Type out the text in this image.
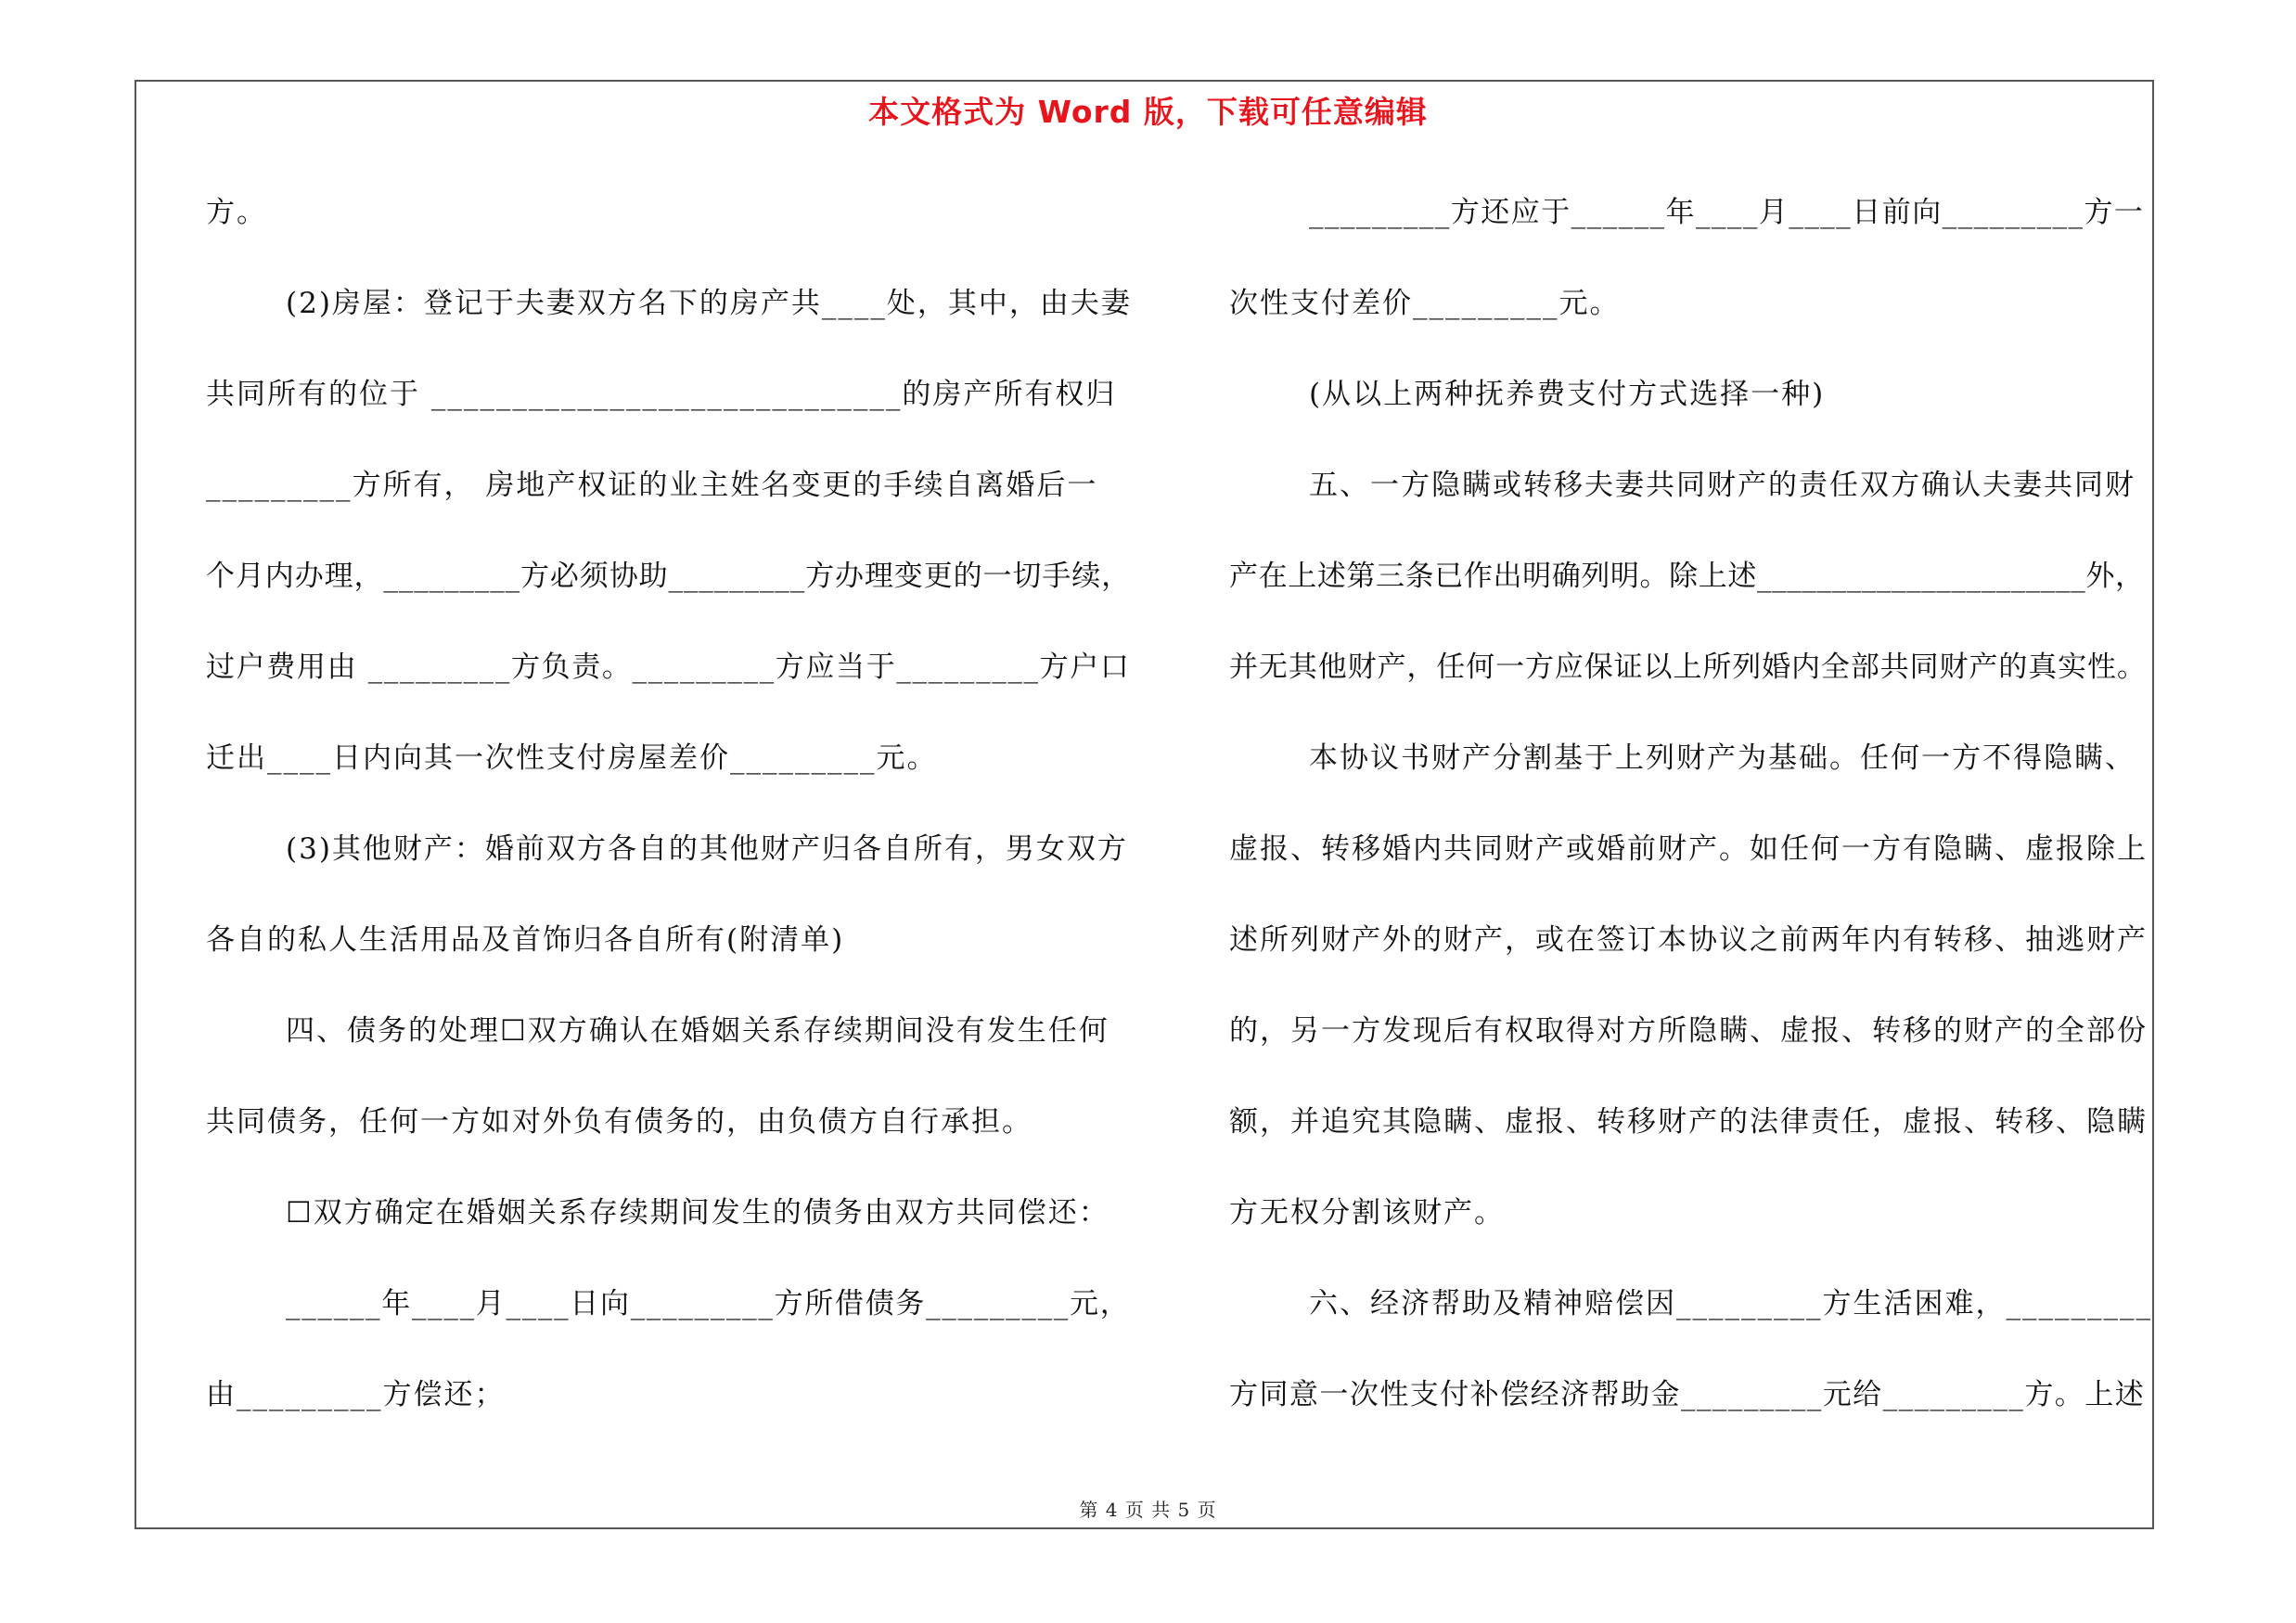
本文格式为 Word 版，下载可任意编辑
方。
(2)房屋：登记于夫妻双方名下的房产共____处，其中，由夫妻
共同所有的位于 _____________________________的房产所有权归
_________方所有， 房地产权证的业主姓名变更的手续自离婚后一
个月内办理，_________方必须协助_________方办理变更的一切手续，
过户费用由 _________方负责。_________方应当于_________方户口
迁出____日内向其一次性支付房屋差价_________元。
(3)其他财产：婚前双方各自的其他财产归各自所有，男女双方
各自的私人生活用品及首饰归各自所有(附清单)
四、债务的处理☐双方确认在婚姻关系存续期间没有发生任何
共同债务，任何一方如对外负有债务的，由负债方自行承担。
☐双方确定在婚姻关系存续期间发生的债务由双方共同偿还：
______年____月____日向_________方所借债务_________元，
由_________方偿还；
_________方还应于______年____月____日前向_________方一
次性支付差价_________元。
(从以上两种抚养费支付方式选择一种)
五、一方隐瞒或转移夫妻共同财产的责任双方确认夫妻共同财
产在上述第三条已作出明确列明。除上述______________________外，
并无其他财产，任何一方应保证以上所列婚内全部共同财产的真实性。
本协议书财产分割基于上列财产为基础。任何一方不得隐瞒、
虚报、转移婚内共同财产或婚前财产。如任何一方有隐瞒、虚报除上
述所列财产外的财产，或在签订本协议之前两年内有转移、抽逃财产
的，另一方发现后有权取得对方所隐瞒、虚报、转移的财产的全部份
额，并追究其隐瞒、虚报、转移财产的法律责任，虚报、转移、隐瞒
方无权分割该财产。
六、经济帮助及精神赔偿因_________方生活困难，_________
方同意一次性支付补偿经济帮助金_________元给_________方。上述
第 4 页 共 5 页
